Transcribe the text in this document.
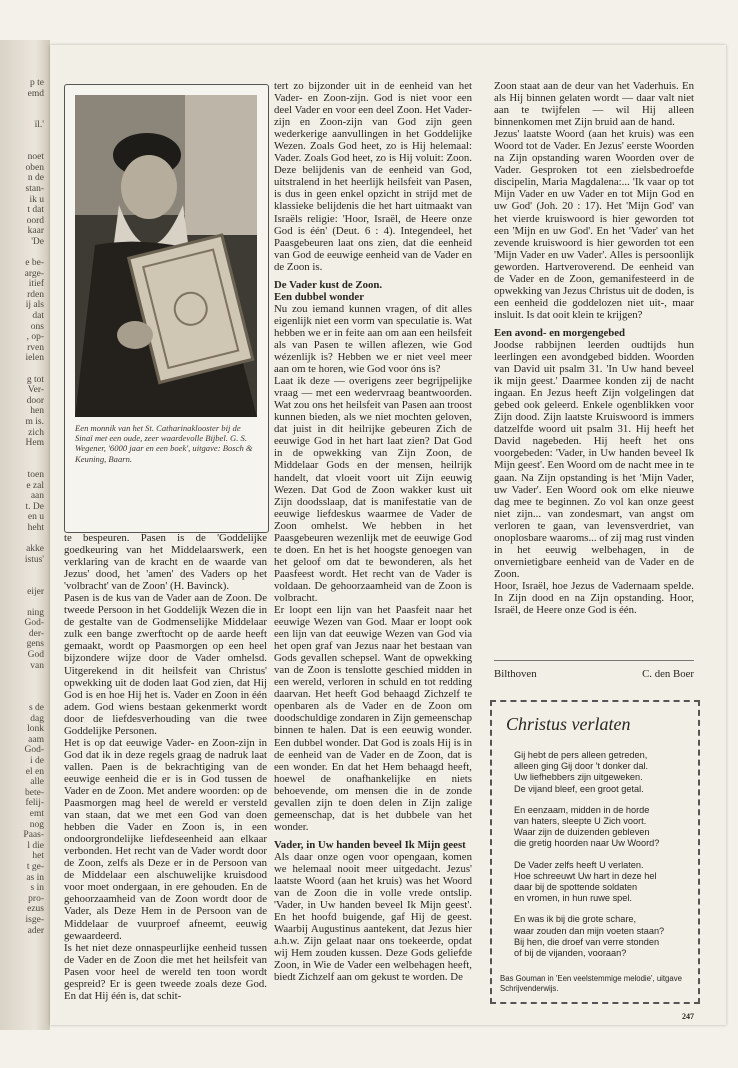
p te
emd
ïl.'
noet
oben
n de
stan-
ik u
t dat
oord
kaar
'De
e be-
arge-
itief
rden
ij als
dat
ons
, op-
rven
ielen
g tot
Ver-
door
hen
m is.
zich
Hem
toen
e zal
aan
t. De
en u
heht
akke
istus'
eijer
ning
God-
der-
gens
God
van
s de
dag
lonk
aam
God-
i de
el en
alle
bete-
felij-
emt
nog
Paas-
l die
het
t ge-
as in
s in
pro-
ezus
isge-
ader
Een monnik van het St. Catharinaklooster bij de Sinaï met een oude, zeer waardevolle Bijbel. G. S. Wegener, '6000 jaar en een boek', uitgave: Bosch & Keuning, Baarn.

te bespeuren. Pasen is de 'Goddelijke goedkeuring van het Middelaarswerk, een verklaring van de kracht en de waarde van Jezus' dood, het 'amen' des Vaders op het 'volbracht' van de Zoon' (H. Bavinck).

Pasen is de kus van de Vader aan de Zoon. De tweede Persoon in het Goddelijk Wezen die in de gestalte van de Godmenselijke Middelaar zulk een bange zwerftocht op de aarde heeft gemaakt, wordt op Paasmorgen op een heel bijzondere wijze door de Vader omhelsd. Uitgerekend in dit heilsfeit van Christus' opwekking uit de doden laat God zien, dat Hij God is en hoe Hij het is. Vader en Zoon in één adem. God wiens bestaan gekenmerkt wordt door de liefdesverhouding van die twee Goddelijke Personen.

Het is op dat eeuwige Vader- en Zoon-zijn in God dat ik in deze regels graag de nadruk laat vallen. Paen is de bekrachtiging van de eeuwige eenheid die er is in God tussen de Vader en de Zoon. Met andere woorden: op de Paasmorgen mag heel de wereld er versteld van staan, dat we met een God van doen hebben die Vader en Zoon is, in een ondoorgrondelijke liefdeseenheid aan elkaar verbonden. Het recht van de Vader wordt door de Zoon, zelfs als Deze er in de Persoon van de Middelaar een alschuwelijke kruisdood voor moet ondergaan, in ere gehouden. En de gehoorzaamheid van de Zoon wordt door de Vader, als Deze Hem in de Persoon van de Middelaar de vuurproef afneemt, eeuwig gewaardeerd.

Is het niet deze onnaspeurlijke eenheid tussen de Vader en de Zoon die met het heilsfeit van Pasen voor heel de wereld ten toon wordt gespreid? Er is geen tweede zoals deze God. En dat Hij één is, dat schit-

tert zo bijzonder uit in de eenheid van het Vader- en Zoon-zijn. God is niet voor een deel Vader en voor een deel Zoon. Het Vader-zijn en Zoon-zijn van God zijn geen wederkerige aanvullingen in het Goddelijke Wezen. Zoals God heet, zo is Hij helemaal: Vader. Zoals God heet, zo is Hij voluit: Zoon. Deze belijdenis van de eenheid van God, uitstralend in het heerlijk heilsfeit van Pasen, is dus in geen enkel opzicht in strijd met de klassieke belijdenis die het hart uitmaakt van Israëls religie: 'Hoor, Israël, de Heere onze God is één' (Deut. 6 : 4). Integendeel, het Paasgebeuren laat ons zien, dat die eenheid van God de eeuwige eenheid van de Vader en de Zoon is.

De Vader kust de Zoon.
Een dubbel wonder

Nu zou iemand kunnen vragen, of dit alles eigenlijk niet een vorm van speculatie is. Wat hebben we er in feite aan om aan een heilsfeit als van Pasen te willen aflezen, wie God wézenlijk is? Hebben we er niet veel meer aan om te horen, wie God voor óns is?

Laat ik deze — overigens zeer begrijpelijke vraag — met een wedervraag beantwoorden. Wat zou ons het heilsfeit van Pasen aan troost kunnen bieden, als we niet mochten geloven, dat juist in dit heilrijke gebeuren Zich de eeuwige God in het hart laat zien? Dat God in de opwekking van Zijn Zoon, de Middelaar Gods en der mensen, heilrijk handelt, dat vloeit voort uit Zijn eeuwig Wezen. Dat God de Zoon wakker kust uit Zijn doodsslaap, dat is manifestatie van de eeuwige liefdeskus waarmee de Vader de Zoon omhelst. We hebben in het Paasgebeuren wezenlijk met de eeuwige God te doen. En het is het hoogste genoegen van het geloof om dat te bewonderen, als het Paasfeest wordt. Het recht van de Vader is voldaan. De gehoorzaamheid van de Zoon is volbracht.

Er loopt een lijn van het Paasfeit naar het eeuwige Wezen van God. Maar er loopt ook een lijn van dat eeuwige Wezen van God via het open graf van Jezus naar het bestaan van Gods gevallen schepsel. Want de opwekking van de Zoon is tenslotte geschied midden in een wereld, verloren in schuld en tot redding daarvan. Het heeft God behaagd Zichzelf te openbaren als de Vader en de Zoon om doodschuldige zondaren in Zijn gemeenschap binnen te halen. Dat is een eeuwig wonder. Een dubbel wonder. Dat God is zoals Hij is in de eenheid van de Vader en de Zoon, dat is een wonder. En dat het Hem behaagd heeft, hoewel de onafhankelijke en niets behoevende, om mensen die in de zonde gevallen zijn te doen delen in Zijn zalige gemeenschap, dat is het dubbele van het wonder.

Vader, in Uw handen beveel Ik Mijn geest

Als daar onze ogen voor opengaan, komen we helemaal nooit meer uitgedacht. Jezus' laatste Woord (aan het kruis) was het Woord van de Zoon die in volle vrede ontslip. 'Vader, in Uw handen beveel Ik Mijn geest'. En het hoofd buigende, gaf Hij de geest. Waarbij Augustinus aantekent, dat Jezus hier a.h.w. Zijn gelaat naar ons toekeerde, opdat wij Hem zouden kussen. Deze Gods geliefde Zoon, in Wie de Vader een welbehagen heeft, biedt Zichzelf aan om gekust te worden. De

Zoon staat aan de deur van het Vaderhuis. En als Hij binnen gelaten wordt — daar valt niet aan te twijfelen — wil Hij alleen binnenkomen met Zijn bruid aan de hand.

Jezus' laatste Woord (aan het kruis) was een Woord tot de Vader. En Jezus' eerste Woorden na Zijn opstanding waren Woorden over de Vader. Gesproken tot een zielsbedroefde discipelin, Maria Magdalena:... 'Ik vaar op tot Mijn Vader en uw Vader en tot Mijn God en uw God' (Joh. 20 : 17). Het 'Mijn God' van het vierde kruiswoord is hier geworden tot een 'Mijn en uw God'. En het 'Vader' van het zevende kruiswoord is hier geworden tot een 'Mijn Vader en uw Vader'. Alles is persoonlijk geworden. Hartveroverend. De eenheid van de Vader en de Zoon, gemanifesteerd in de opwekking van Jezus Christus uit de doden, is een eenheid die goddelozen niet uit-, maar insluit. Is dat ooit klein te krijgen?

Een avond- en morgengebed

Joodse rabbijnen leerden oudtijds hun leerlingen een avondgebed bidden. Woorden van David uit psalm 31. 'In Uw hand beveel ik mijn geest.' Daarmee konden zij de nacht ingaan. En Jezus heeft Zijn volgelingen dat gebed ook geleerd. Enkele ogenblikken voor Zijn dood. Zijn laatste Kruiswoord is immers datzelfde woord uit psalm 31. Hij heeft het David nagebeden. Hij heeft het ons voorgebeden: 'Vader, in Uw handen beveel Ik Mijn geest'. Een Woord om de nacht mee in te gaan. Na Zijn opstanding is het 'Mijn Vader, uw Vader'. Een Woord ook om elke nieuwe dag mee te beginnen. Zo vol kan onze geest niet zijn... van zondesmart, van angst om verloren te gaan, van levensverdriet, van onoplosbare waaroms... of zij mag rust vinden in het eeuwig welbehagen, in de onvernietigbare eenheid van de Vader en de Zoon.

Hoor, Israël, hoe Jezus de Vadernaam spelde. In Zijn dood en na Zijn opstanding. Hoor, Israël, de Heere onze God is één.

Bilthoven	C. den Boer
Christus verlaten
Gij hebt de pers alleen getreden,
alleen ging Gij door 't donker dal.
Uw liefhebbers zijn uitgeweken.
De vijand bleef, een groot getal.
En eenzaam, midden in de horde
van haters, sleepte U Zich voort.
Waar zijn de duizenden gebleven
die gretig hoorden naar Uw Woord?
De Vader zelfs heeft U verlaten.
Hoe schreeuwt Uw hart in deze hel
daar bij de spottende soldaten
en vromen, in hun ruwe spel.
En was ik bij die grote schare,
waar zouden dan mijn voeten staan?
Bij hen, die droef van verre stonden
of bij de vijanden, vooraan?
Bas Gouman in 'Een veelstemmige melodie', uitgave Schrijvenderwijs.
247
